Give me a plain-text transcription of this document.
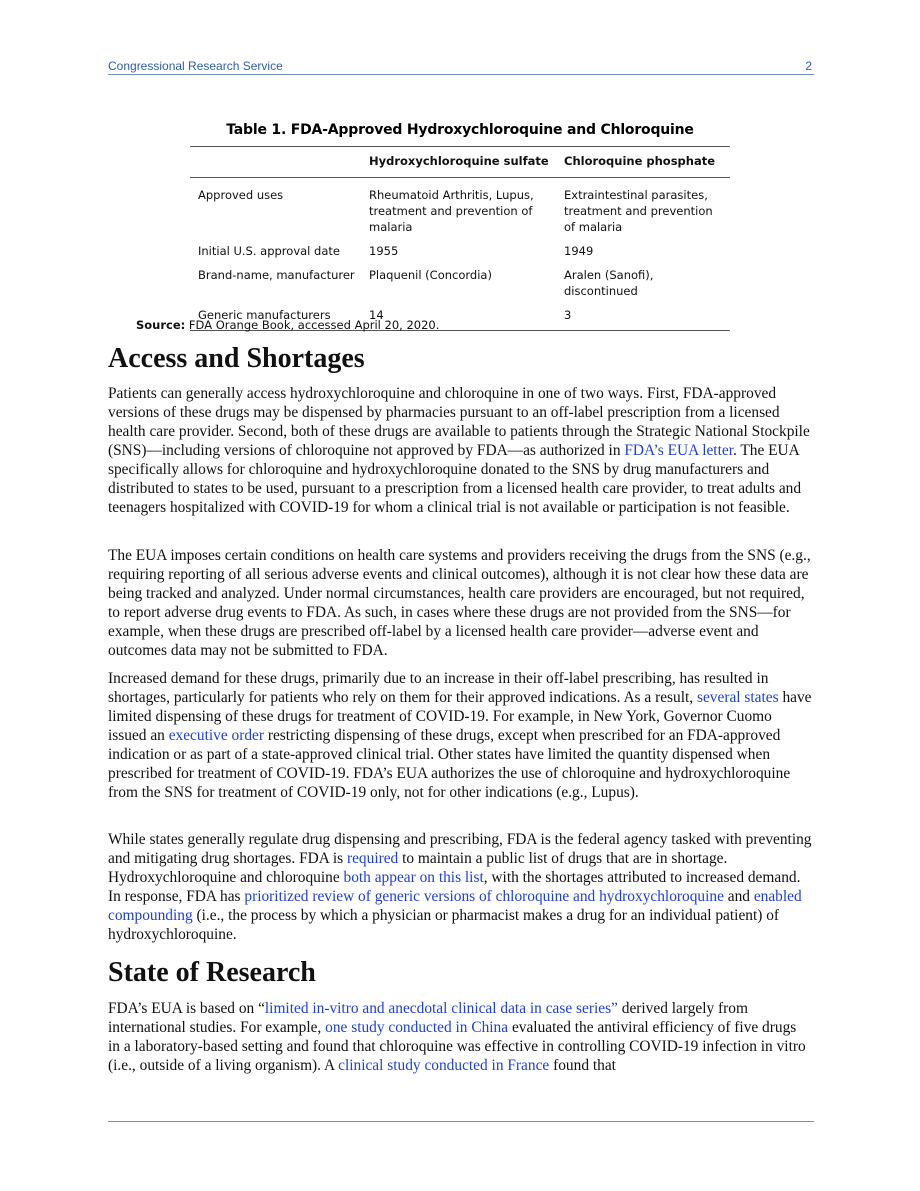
Congressional Research Service	2
Table 1. FDA-Approved Hydroxychloroquine and Chloroquine
	Hydroxychloroquine sulfate	Chloroquine phosphate
Approved uses	Rheumatoid Arthritis, Lupus, treatment and prevention of malaria	Extraintestinal parasites, treatment and prevention of malaria
Initial U.S. approval date	1955	1949
Brand-name, manufacturer	Plaquenil (Concordia)	Aralen (Sanofi), discontinued
Generic manufacturers	14	3
Source: FDA Orange Book, accessed April 20, 2020.
Access and Shortages

Patients can generally access hydroxychloroquine and chloroquine in one of two ways. First, FDA-approved versions of these drugs may be dispensed by pharmacies pursuant to an off-label prescription from a licensed health care provider. Second, both of these drugs are available to patients through the Strategic National Stockpile (SNS)—including versions of chloroquine not approved by FDA—as authorized in FDA’s EUA letter. The EUA specifically allows for chloroquine and hydroxychloroquine donated to the SNS by drug manufacturers and distributed to states to be used, pursuant to a prescription from a licensed health care provider, to treat adults and teenagers hospitalized with COVID-19 for whom a clinical trial is not available or participation is not feasible.

The EUA imposes certain conditions on health care systems and providers receiving the drugs from the SNS (e.g., requiring reporting of all serious adverse events and clinical outcomes), although it is not clear how these data are being tracked and analyzed. Under normal circumstances, health care providers are encouraged, but not required, to report adverse drug events to FDA. As such, in cases where these drugs are not provided from the SNS—for example, when these drugs are prescribed off-label by a licensed health care provider—adverse event and outcomes data may not be submitted to FDA.

Increased demand for these drugs, primarily due to an increase in their off-label prescribing, has resulted in shortages, particularly for patients who rely on them for their approved indications. As a result, several states have limited dispensing of these drugs for treatment of COVID-19. For example, in New York, Governor Cuomo issued an executive order restricting dispensing of these drugs, except when prescribed for an FDA-approved indication or as part of a state-approved clinical trial. Other states have limited the quantity dispensed when prescribed for treatment of COVID-19. FDA’s EUA authorizes the use of chloroquine and hydroxychloroquine from the SNS for treatment of COVID-19 only, not for other indications (e.g., Lupus).

While states generally regulate drug dispensing and prescribing, FDA is the federal agency tasked with preventing and mitigating drug shortages. FDA is required to maintain a public list of drugs that are in shortage. Hydroxychloroquine and chloroquine both appear on this list, with the shortages attributed to increased demand. In response, FDA has prioritized review of generic versions of chloroquine and hydroxychloroquine and enabled compounding (i.e., the process by which a physician or pharmacist makes a drug for an individual patient) of hydroxychloroquine.

State of Research

FDA’s EUA is based on “limited in-vitro and anecdotal clinical data in case series” derived largely from international studies. For example, one study conducted in China evaluated the antiviral efficiency of five drugs in a laboratory-based setting and found that chloroquine was effective in controlling COVID-19 infection in vitro (i.e., outside of a living organism). A clinical study conducted in France found that
